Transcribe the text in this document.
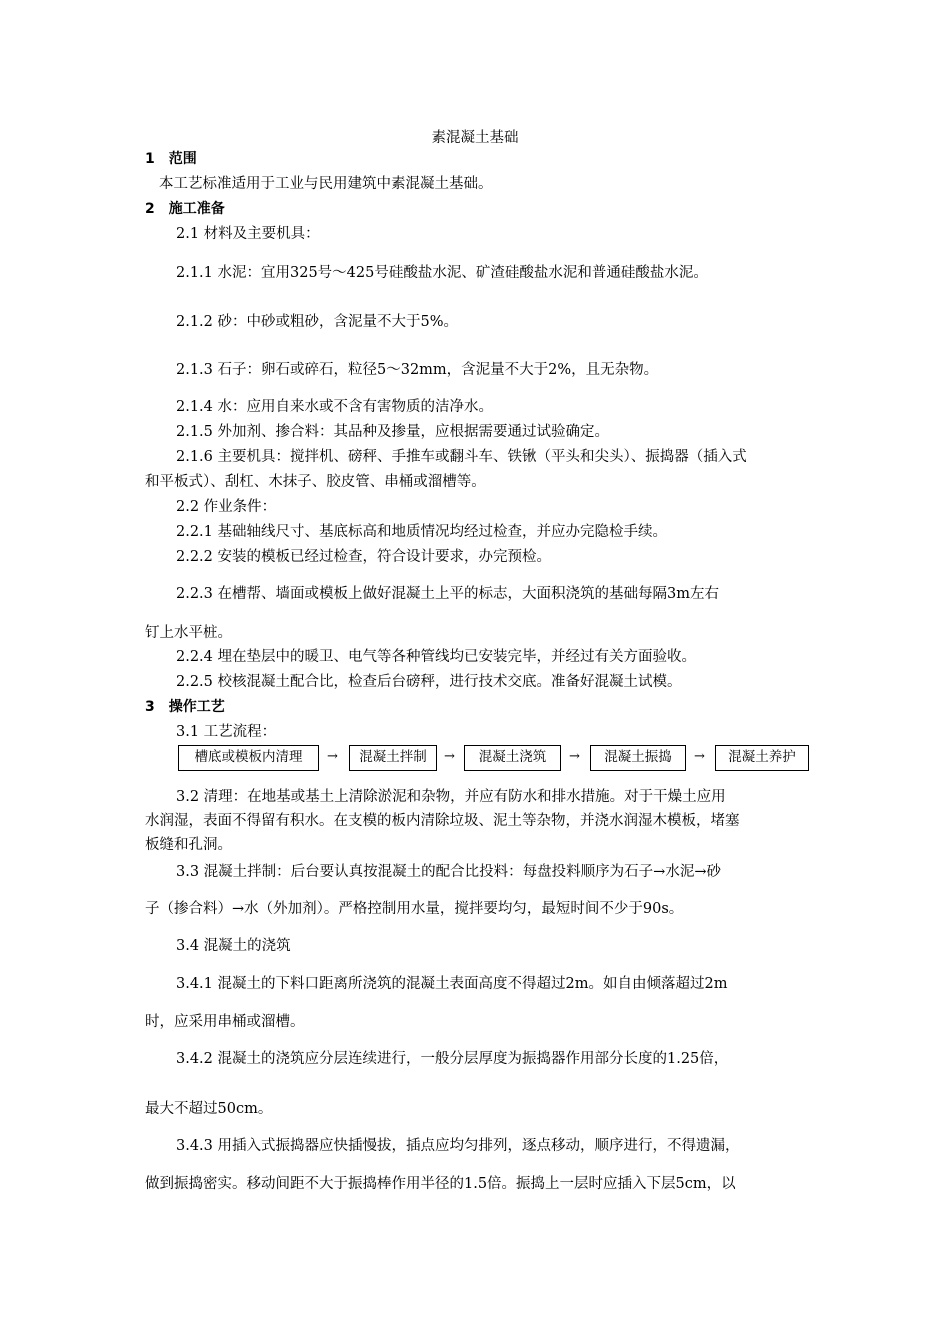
素混凝土基础
1　范围
本工艺标准适用于工业与民用建筑中素混凝土基础。
2　施工准备
2.1 材料及主要机具：
2.1.1 水泥：宜用325号～425号硅酸盐水泥、矿渣硅酸盐水泥和普通硅酸盐水泥。
2.1.2 砂：中砂或粗砂，含泥量不大于5%。
2.1.3 石子：卵石或碎石，粒径5～32mm，含泥量不大于2%，且无杂物。
2.1.4 水：应用自来水或不含有害物质的洁净水。
2.1.5 外加剂、掺合料：其品种及掺量，应根据需要通过试验确定。
2.1.6 主要机具：搅拌机、磅秤、手推车或翻斗车、铁锹（平头和尖头）、振捣器（插入式
和平板式）、刮杠、木抹子、胶皮管、串桶或溜槽等。
2.2 作业条件：
2.2.1 基础轴线尺寸、基底标高和地质情况均经过检查，并应办完隐检手续。
2.2.2 安装的模板已经过检查，符合设计要求，办完预检。
2.2.3 在槽帮、墙面或模板上做好混凝土上平的标志，大面积浇筑的基础每隔3m左右
钉上水平桩。
2.2.4 埋在垫层中的暖卫、电气等各种管线均已安装完毕，并经过有关方面验收。
2.2.5 校核混凝土配合比，检查后台磅秤，进行技术交底。准备好混凝土试模。
3　操作工艺
3.1 工艺流程：
槽底或模板内清理	→	混凝土拌制	→	混凝土浇筑	→	混凝土振捣	→	混凝土养护
3.2 清理：在地基或基土上清除淤泥和杂物，并应有防水和排水措施。对于干燥土应用
水润湿，表面不得留有积水。在支模的板内清除垃圾、泥土等杂物，并浇水润湿木模板，堵塞
板缝和孔洞。
3.3 混凝土拌制：后台要认真按混凝土的配合比投料：每盘投料顺序为石子→水泥→砂
子（掺合料）→水（外加剂）。严格控制用水量，搅拌要均匀，最短时间不少于90s。
3.4 混凝土的浇筑
3.4.1 混凝土的下料口距离所浇筑的混凝土表面高度不得超过2m。如自由倾落超过2m
时，应采用串桶或溜槽。
3.4.2 混凝土的浇筑应分层连续进行，一般分层厚度为振捣器作用部分长度的1.25倍，
最大不超过50cm。
3.4.3 用插入式振捣器应快插慢拔，插点应均匀排列，逐点移动，顺序进行，不得遗漏，
做到振捣密实。移动间距不大于振捣棒作用半径的1.5倍。振捣上一层时应插入下层5cm，以
